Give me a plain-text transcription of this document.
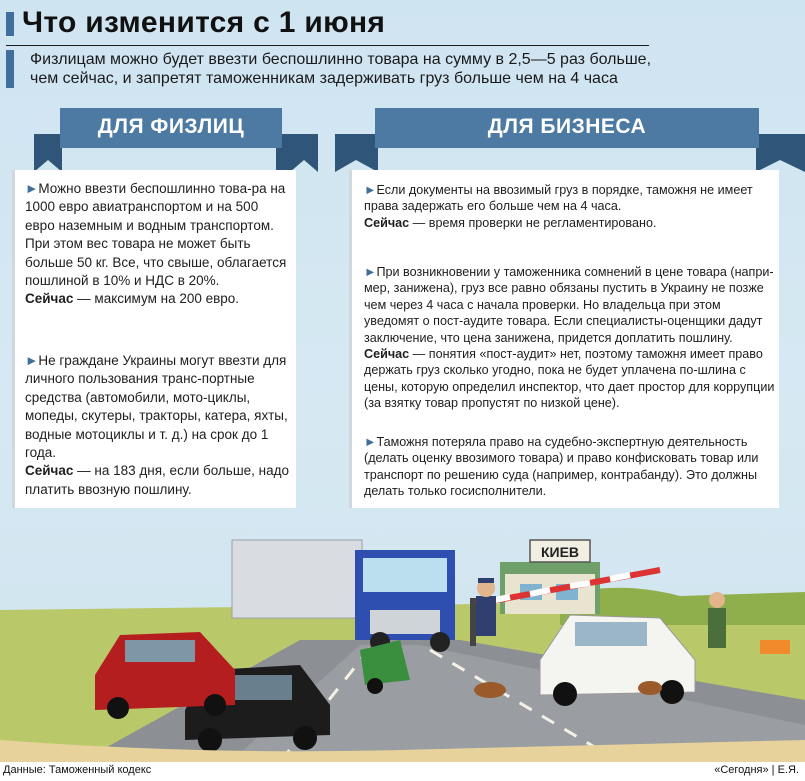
Что изменится с 1 июня
Физлицам можно будет ввезти беспошлинно товара на сумму в 2,5—5 раз больше, чем сейчас, и запретят таможенникам задерживать груз больше чем на 4 часа
ДЛЯ ФИЗЛИЦ	ДЛЯ БИЗНЕСА
►Можно ввезти беспошлинно това-ра на 1000 евро авиатранспортом и на 500 евро наземным и водным транспортом. При этом вес товара не может быть больше 50 кг. Все, что свыше, облагается пошлиной в 10% и НДС в 20%.
Сейчас — максимум на 200 евро.
►Не граждане Украины могут ввезти для личного пользования транс-портные средства (автомобили, мото-циклы, мопеды, скутеры, тракторы, катера, яхты, водные мотоциклы и т. д.) на срок до 1 года.
Сейчас — на 183 дня, если больше, надо платить ввозную пошлину.
►Если документы на ввозимый груз в порядке, таможня не имеет права задержать его больше чем на 4 часа.
Сейчас — время проверки не регламентировано.
►При возникновении у таможенника сомнений в цене товара (напри-мер, занижена), груз все равно обязаны пустить в Украину не позже чем через 4 часа с начала проверки. Но владельца при этом уведомят о пост-аудите товара. Если специалисты-оценщики дадут заключение, что цена занижена, придется доплатить пошлину.
Сейчас — понятия «пост-аудит» нет, поэтому таможня имеет право держать груз сколько угодно, пока не будет уплачена по-шлина с цены, которую определил инспектор, что дает простор для коррупции (за взятку товар пропустят по низкой цене).
►Таможня потеряла право на судебно-экспертную деятельность (делать оценку ввозимого товара) и право конфисковать товар или транспорт по решению суда (например, контрабанду). Это должны делать только госисполнители.
КИЕВ
Данные: Таможенный кодекс	«Сегодня» | Е.Я.
